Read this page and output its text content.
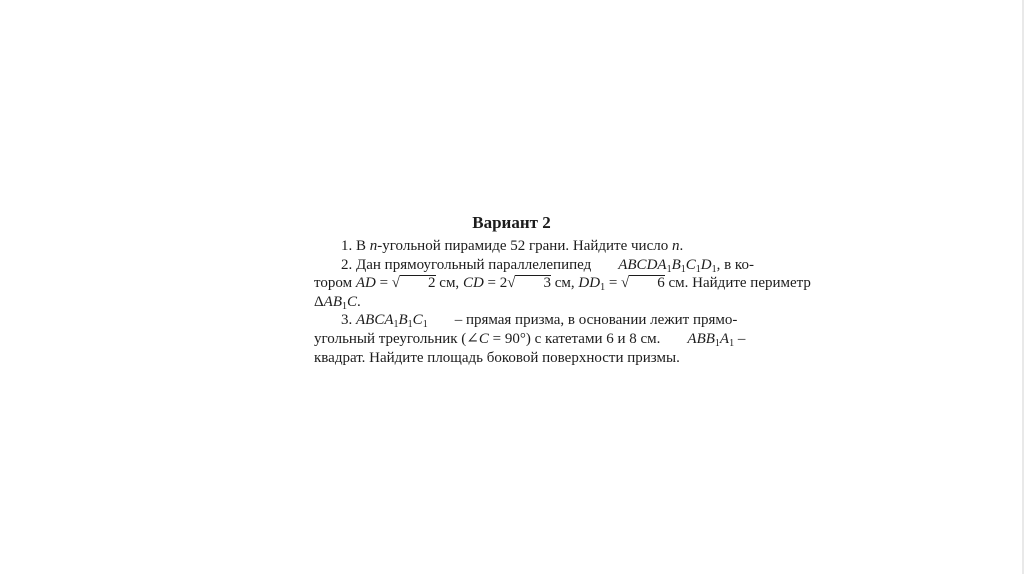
Вариант 2
1. В n-угольной пирамиде 52 грани. Найдите число n.
2. Дан прямоугольный параллелепипед	$ABCDA_1B_1C_1D_1$, в ко-
тором AD = √ 2 см, CD = 2√ 3 см, $DD_1$ = √ 6 см. Найдите периметр
$\Delta AB_1C$.
3. $ABCA_1B_1C_1$	– прямая призма, в основании лежит прямо-
угольный треугольник (∠C = 90°) с катетами 6 и 8 см.	$ABB_1A_1$ –
квадрат. Найдите площадь боковой поверхности призмы.
